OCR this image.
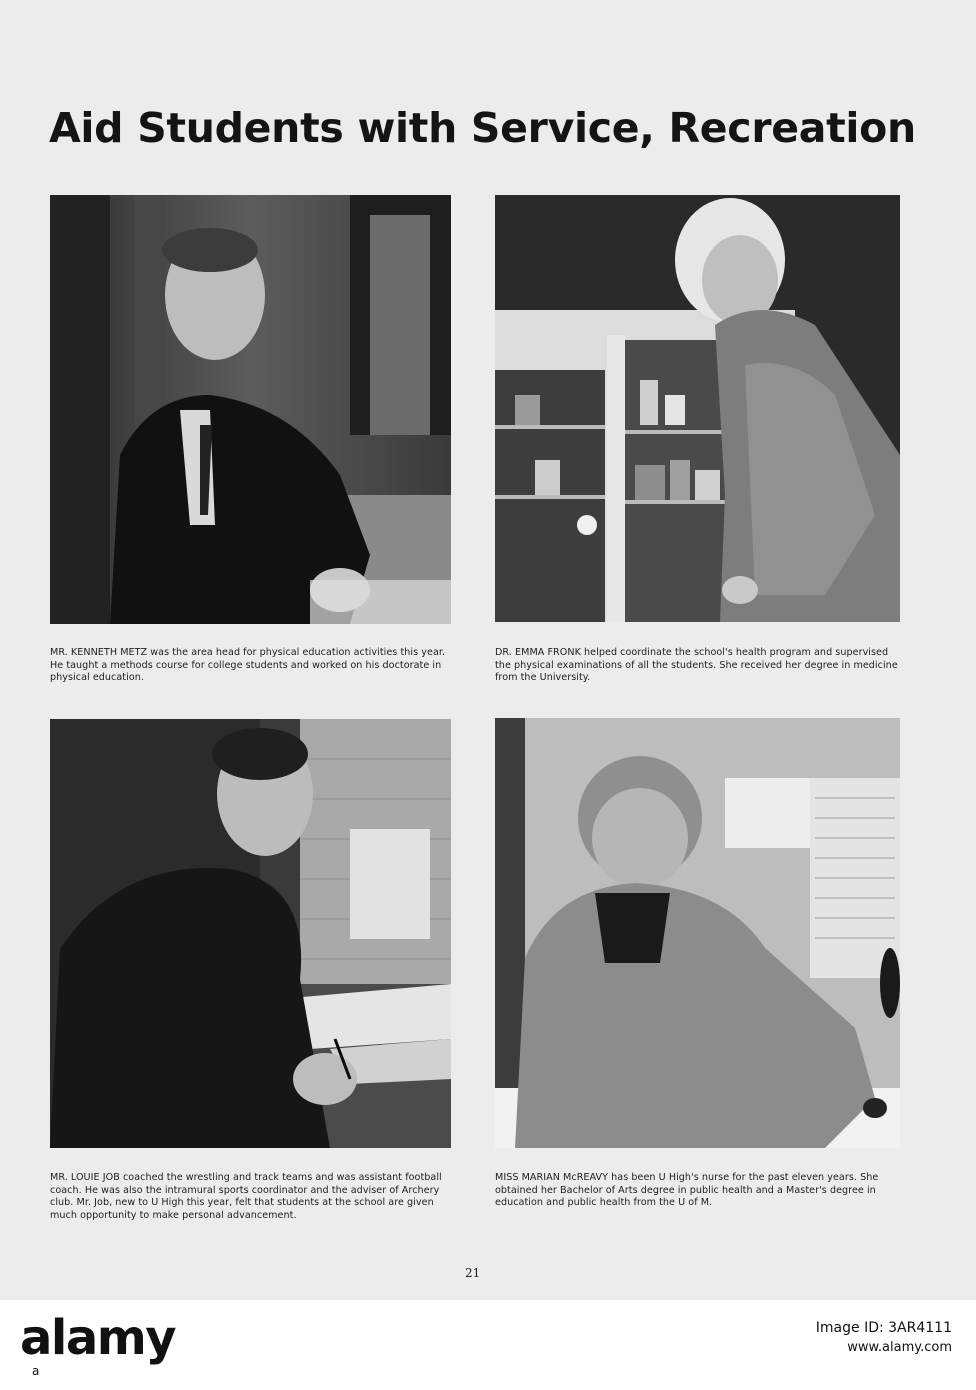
Aid Students with Service, Recreation

MR. KENNETH METZ was the area head for physical education activities this year. He taught a methods course for college students and worked on his doctorate in physical education.

DR. EMMA FRONK helped coordinate the school's health program and supervised the physical examinations of all the students. She received her degree in medicine from the University.

MR. LOUIE JOB coached the wrestling and track teams and was assistant football coach. He was also the intramural sports coordinator and the adviser of Archery club. Mr. Job, new to U High this year, felt that students at the school are given much opportunity to make personal advancement.

MISS MARIAN McREAVY has been U High's nurse for the past eleven years. She obtained her Bachelor of Arts degree in public health and a Master's degree in education and public health from the U of M.

21
alamy
a
Image ID: 3AR4111
www.alamy.com
